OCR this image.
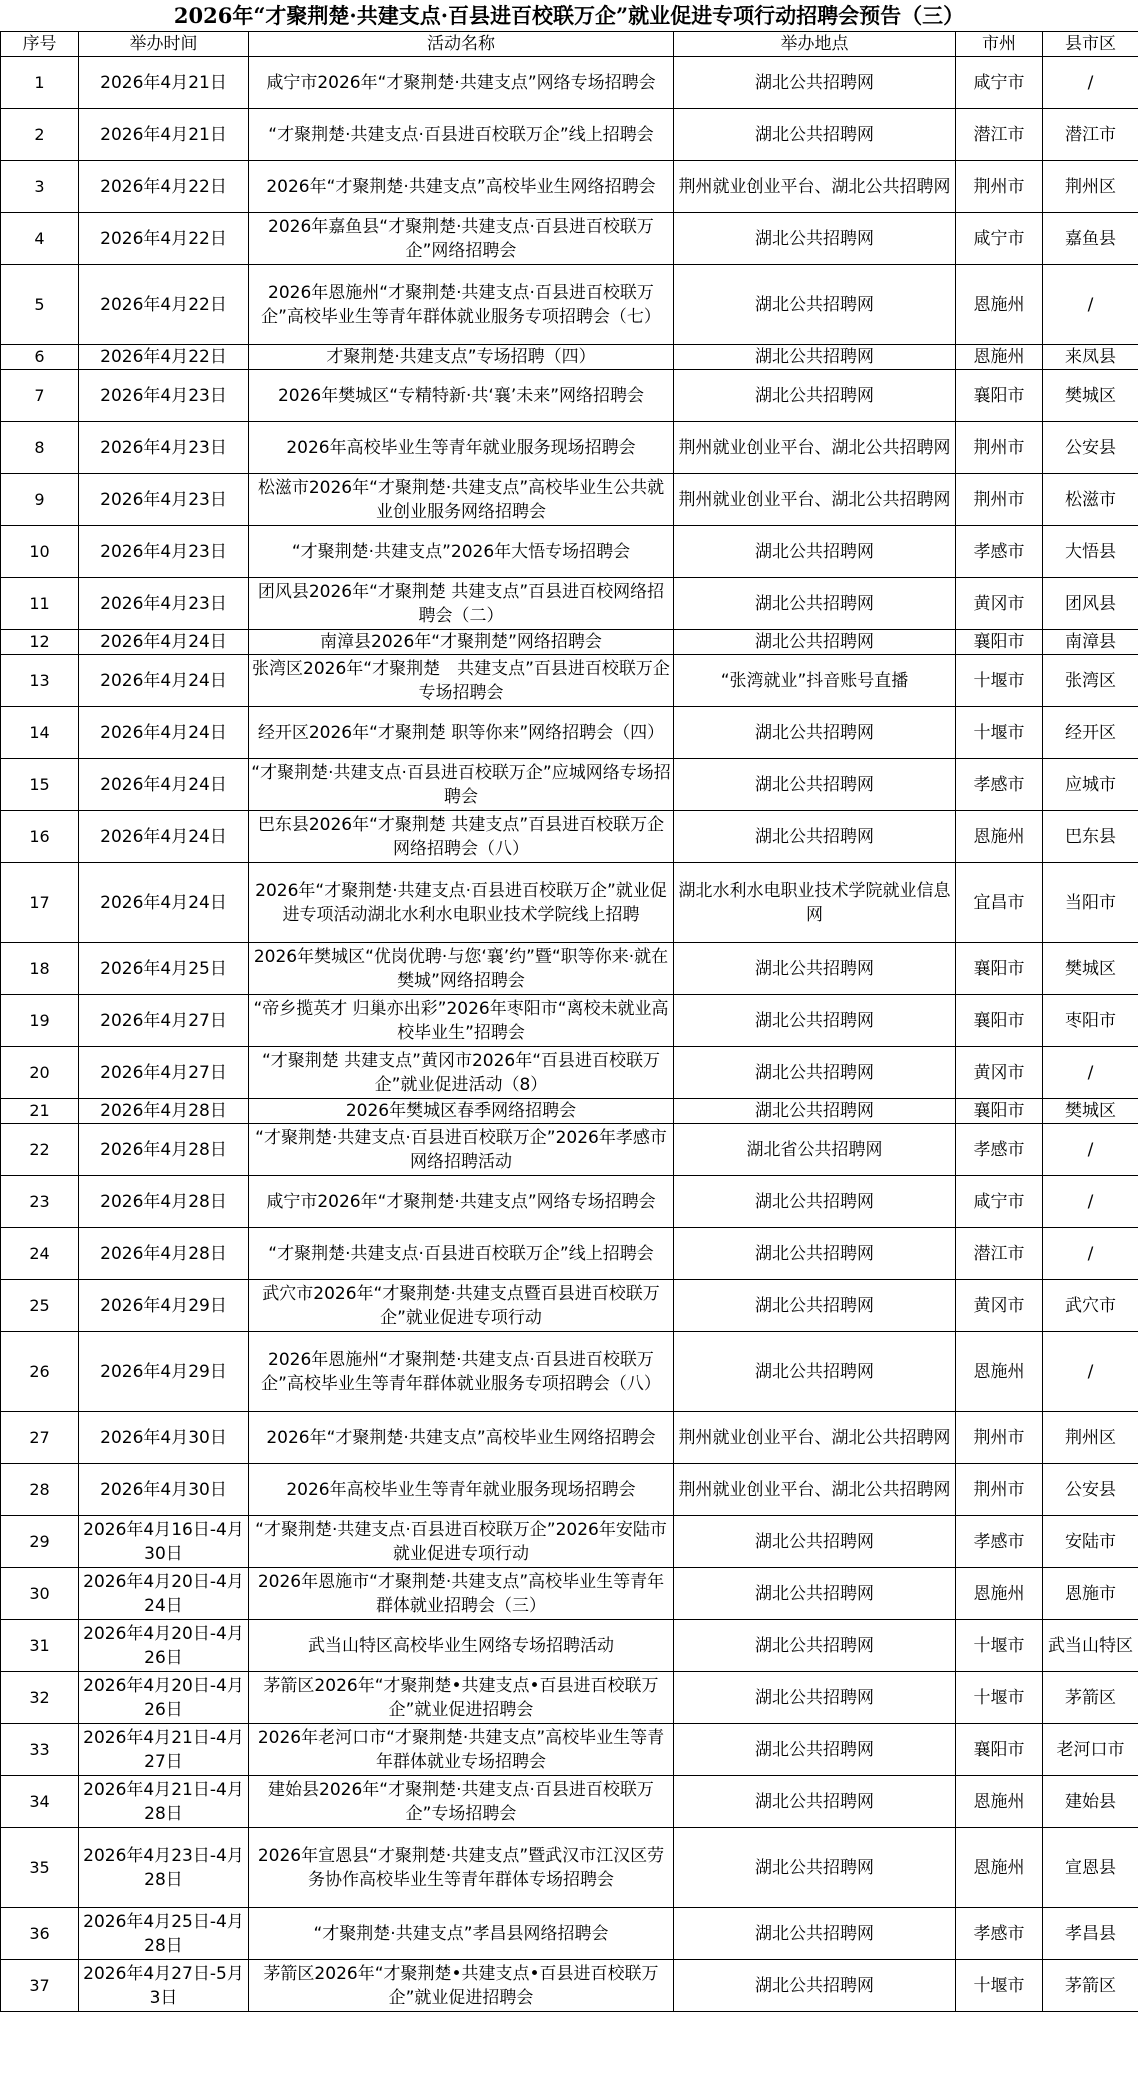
2026年“才聚荆楚·共建支点·百县进百校联万企”就业促进专项行动招聘会预告（三）
序号	举办时间	活动名称	举办地点	市州	县市区
1	2026年4月21日	咸宁市2026年“才聚荆楚·共建支点”网络专场招聘会	湖北公共招聘网	咸宁市	/
2	2026年4月21日	“才聚荆楚·共建支点·百县进百校联万企”线上招聘会	湖北公共招聘网	潜江市	潜江市
3	2026年4月22日	2026年“才聚荆楚·共建支点”高校毕业生网络招聘会	荆州就业创业平台、湖北公共招聘网	荆州市	荆州区
4	2026年4月22日	2026年嘉鱼县“才聚荆楚·共建支点·百县进百校联万企”网络招聘会	湖北公共招聘网	咸宁市	嘉鱼县
5	2026年4月22日	2026年恩施州“才聚荆楚·共建支点·百县进百校联万企”高校毕业生等青年群体就业服务专项招聘会（七）	湖北公共招聘网	恩施州	/
6	2026年4月22日	才聚荆楚·共建支点”专场招聘（四）	湖北公共招聘网	恩施州	来凤县
7	2026年4月23日	2026年樊城区“专精特新·共‘襄’未来”网络招聘会	湖北公共招聘网	襄阳市	樊城区
8	2026年4月23日	2026年高校毕业生等青年就业服务现场招聘会	荆州就业创业平台、湖北公共招聘网	荆州市	公安县
9	2026年4月23日	松滋市2026年“才聚荆楚·共建支点”高校毕业生公共就业创业服务网络招聘会	荆州就业创业平台、湖北公共招聘网	荆州市	松滋市
10	2026年4月23日	“才聚荆楚·共建支点”2026年大悟专场招聘会	湖北公共招聘网	孝感市	大悟县
11	2026年4月23日	团风县2026年“才聚荆楚 共建支点”百县进百校网络招聘会（二）	湖北公共招聘网	黄冈市	团风县
12	2026年4月24日	南漳县2026年“才聚荆楚”网络招聘会	湖北公共招聘网	襄阳市	南漳县
13	2026年4月24日	张湾区2026年“才聚荆楚　共建支点”百县进百校联万企专场招聘会	“张湾就业”抖音账号直播	十堰市	张湾区
14	2026年4月24日	经开区2026年“才聚荆楚 职等你来”网络招聘会（四）	湖北公共招聘网	十堰市	经开区
15	2026年4月24日	“才聚荆楚·共建支点·百县进百校联万企”应城网络专场招聘会	湖北公共招聘网	孝感市	应城市
16	2026年4月24日	巴东县2026年“才聚荆楚 共建支点”百县进百校联万企网络招聘会（八）	湖北公共招聘网	恩施州	巴东县
17	2026年4月24日	2026年“才聚荆楚·共建支点·百县进百校联万企”就业促进专项活动湖北水利水电职业技术学院线上招聘	湖北水利水电职业技术学院就业信息网	宜昌市	当阳市
18	2026年4月25日	2026年樊城区“优岗优聘·与您‘襄’约”暨“职等你来·就在樊城”网络招聘会	湖北公共招聘网	襄阳市	樊城区
19	2026年4月27日	“帝乡揽英才 归巢亦出彩”2026年枣阳市“离校未就业高校毕业生”招聘会	湖北公共招聘网	襄阳市	枣阳市
20	2026年4月27日	“才聚荆楚 共建支点”黄冈市2026年“百县进百校联万企”就业促进活动（8）	湖北公共招聘网	黄冈市	/
21	2026年4月28日	2026年樊城区春季网络招聘会	湖北公共招聘网	襄阳市	樊城区
22	2026年4月28日	“才聚荆楚·共建支点·百县进百校联万企”2026年孝感市网络招聘活动	湖北省公共招聘网	孝感市	/
23	2026年4月28日	咸宁市2026年“才聚荆楚·共建支点”网络专场招聘会	湖北公共招聘网	咸宁市	/
24	2026年4月28日	“才聚荆楚·共建支点·百县进百校联万企”线上招聘会	湖北公共招聘网	潜江市	/
25	2026年4月29日	武穴市2026年“才聚荆楚·共建支点暨百县进百校联万企”就业促进专项行动	湖北公共招聘网	黄冈市	武穴市
26	2026年4月29日	2026年恩施州“才聚荆楚·共建支点·百县进百校联万企”高校毕业生等青年群体就业服务专项招聘会（八）	湖北公共招聘网	恩施州	/
27	2026年4月30日	2026年“才聚荆楚·共建支点”高校毕业生网络招聘会	荆州就业创业平台、湖北公共招聘网	荆州市	荆州区
28	2026年4月30日	2026年高校毕业生等青年就业服务现场招聘会	荆州就业创业平台、湖北公共招聘网	荆州市	公安县
29	2026年4月16日-4月30日	“才聚荆楚·共建支点·百县进百校联万企”2026年安陆市就业促进专项行动	湖北公共招聘网	孝感市	安陆市
30	2026年4月20日-4月24日	2026年恩施市“才聚荆楚·共建支点”高校毕业生等青年群体就业招聘会（三）	湖北公共招聘网	恩施州	恩施市
31	2026年4月20日-4月26日	武当山特区高校毕业生网络专场招聘活动	湖北公共招聘网	十堰市	武当山特区
32	2026年4月20日-4月26日	茅箭区2026年“才聚荆楚•共建支点•百县进百校联万企”就业促进招聘会	湖北公共招聘网	十堰市	茅箭区
33	2026年4月21日-4月27日	2026年老河口市“才聚荆楚·共建支点”高校毕业生等青年群体就业专场招聘会	湖北公共招聘网	襄阳市	老河口市
34	2026年4月21日-4月28日	建始县2026年“才聚荆楚·共建支点·百县进百校联万企”专场招聘会	湖北公共招聘网	恩施州	建始县
35	2026年4月23日-4月28日	2026年宣恩县“才聚荆楚·共建支点”暨武汉市江汉区劳务协作高校毕业生等青年群体专场招聘会	湖北公共招聘网	恩施州	宣恩县
36	2026年4月25日-4月28日	“才聚荆楚·共建支点”孝昌县网络招聘会	湖北公共招聘网	孝感市	孝昌县
37	2026年4月27日-5月3日	茅箭区2026年“才聚荆楚•共建支点•百县进百校联万企”就业促进招聘会	湖北公共招聘网	十堰市	茅箭区
